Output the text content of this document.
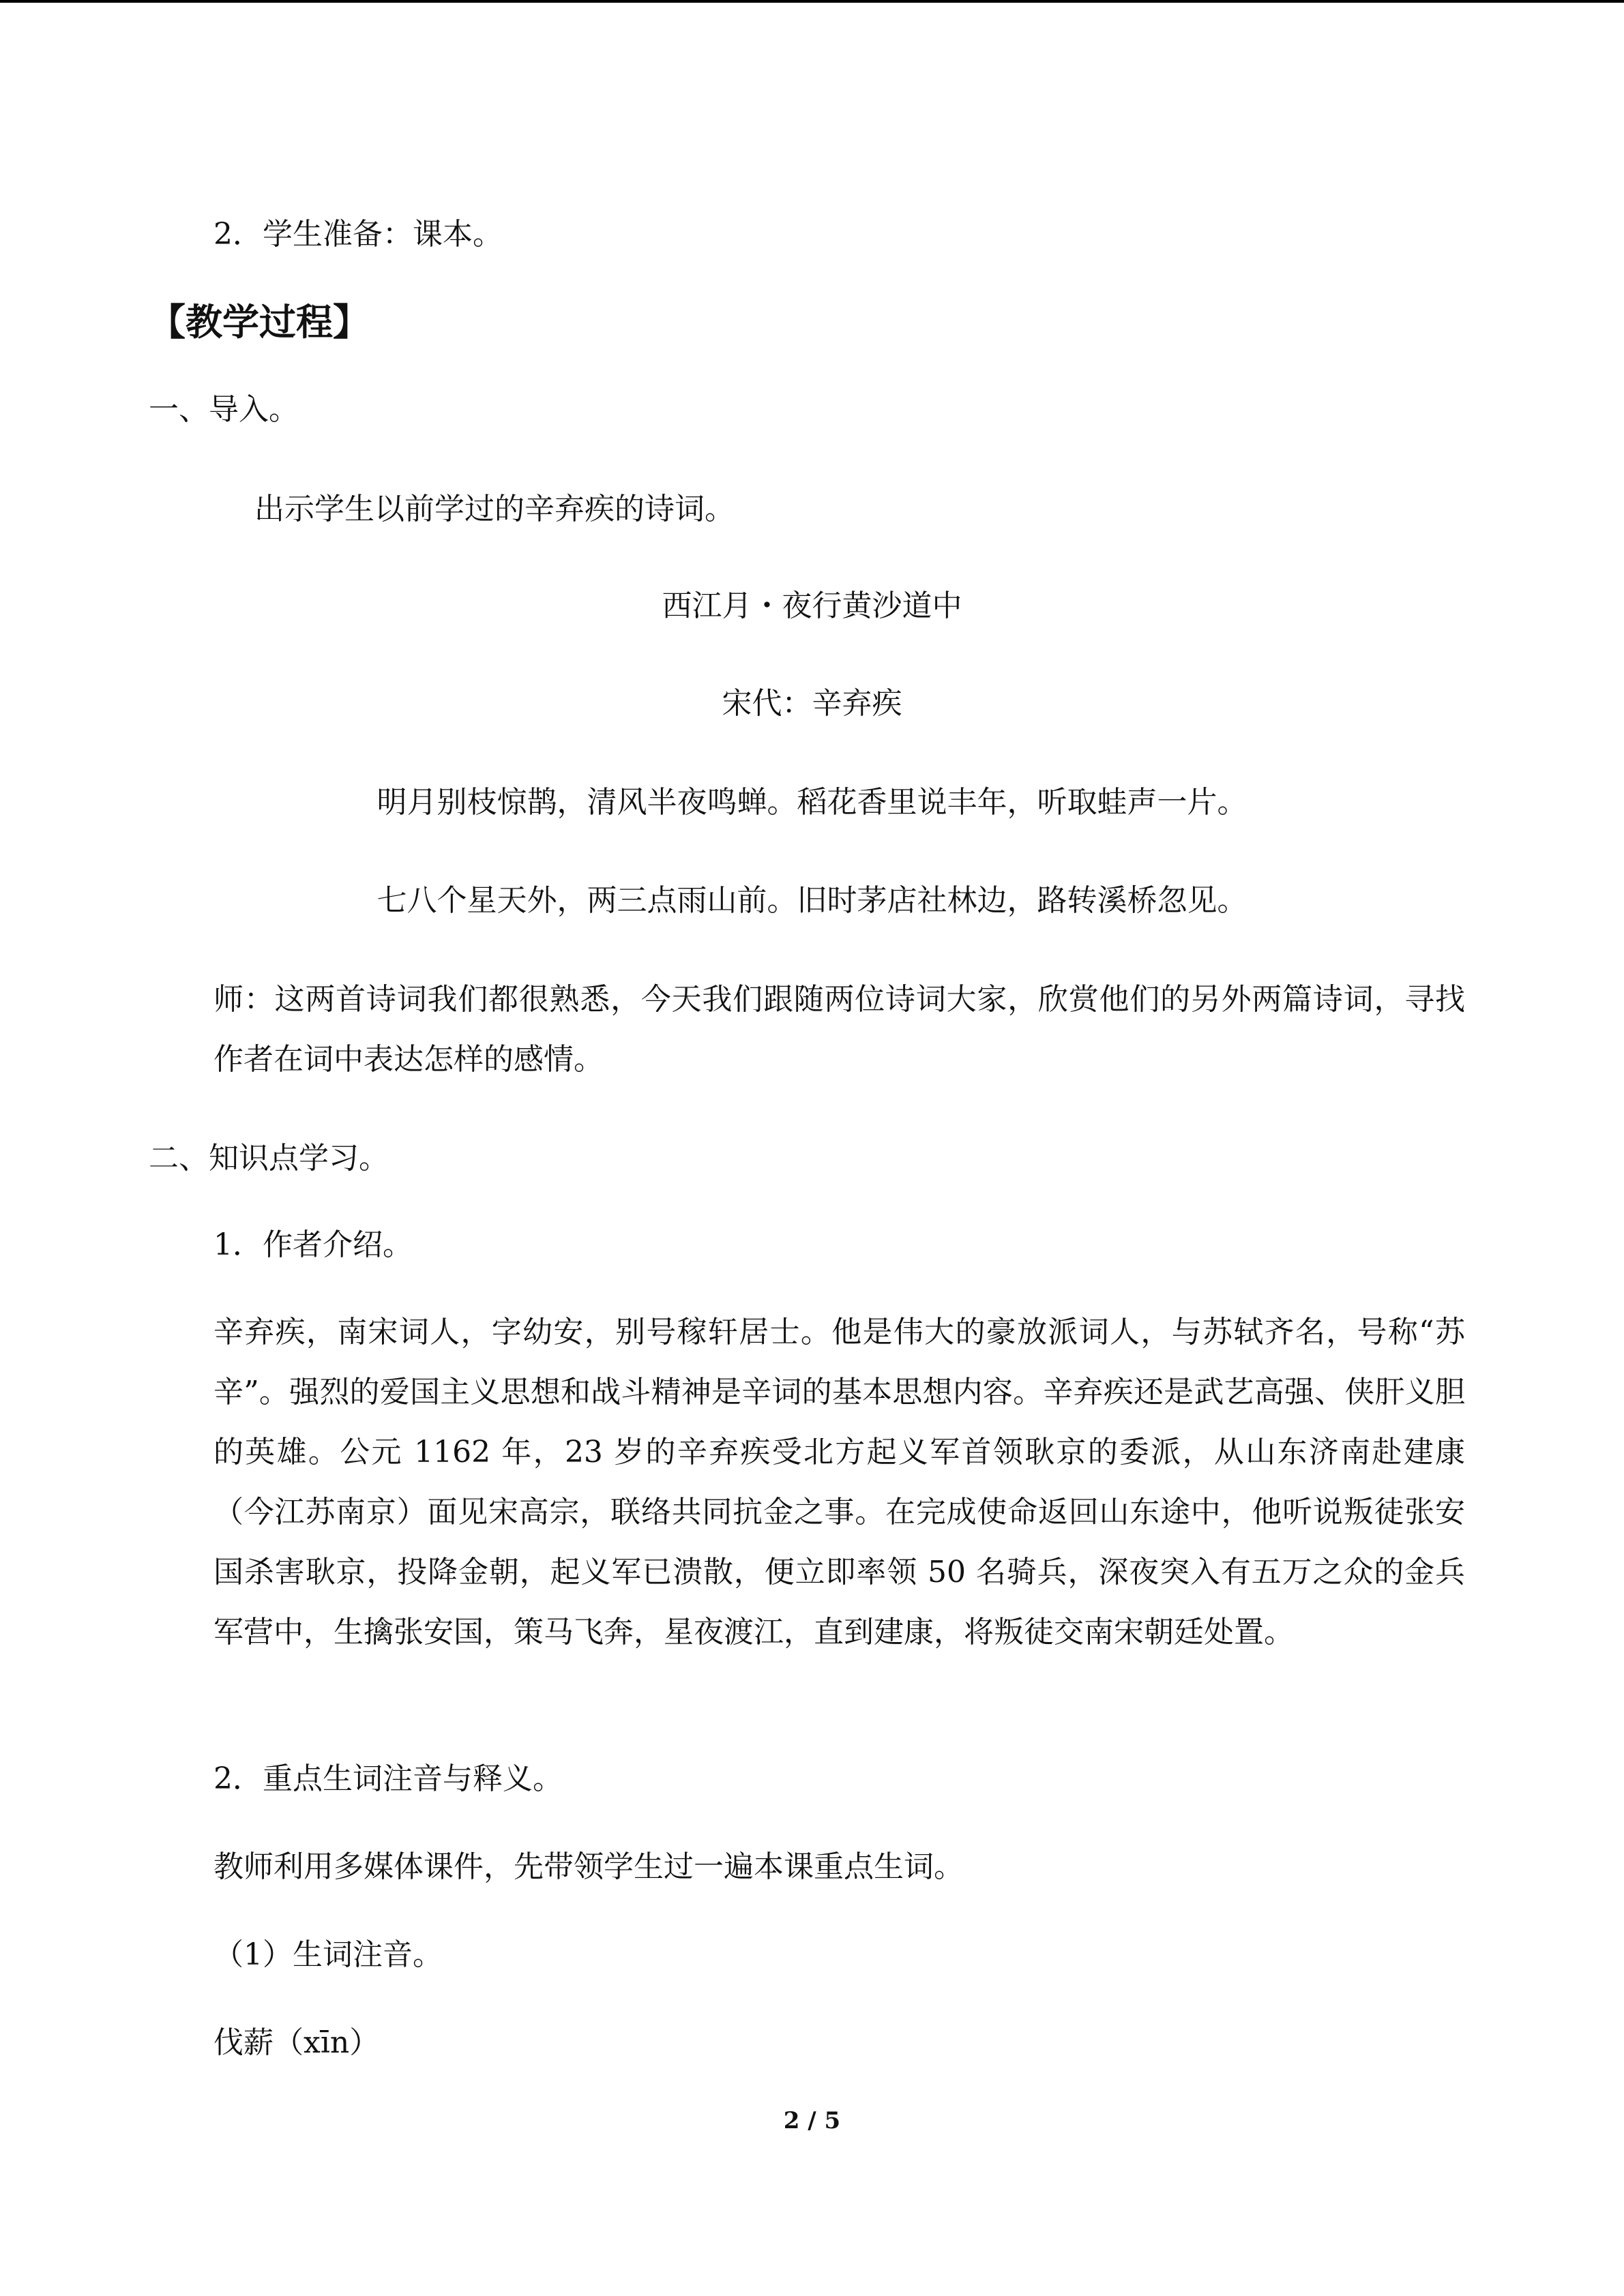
2．学生准备：课本。
【教学过程】
一、导入。
出示学生以前学过的辛弃疾的诗词。
西江月・夜行黄沙道中
宋代：辛弃疾
明月别枝惊鹊，清风半夜鸣蝉。稻花香里说丰年，听取蛙声一片。
七八个星天外，两三点雨山前。旧时茅店社林边，路转溪桥忽见。
师：这两首诗词我们都很熟悉，今天我们跟随两位诗词大家，欣赏他们的另外两篇诗词，寻找作者在词中表达怎样的感情。
二、知识点学习。
1．作者介绍。
辛弃疾，南宋词人，字幼安，别号稼轩居士。他是伟大的豪放派词人，与苏轼齐名，号称“苏辛”。强烈的爱国主义思想和战斗精神是辛词的基本思想内容。辛弃疾还是武艺高强、侠肝义胆的英雄。公元 1162 年，23 岁的辛弃疾受北方起义军首领耿京的委派，从山东济南赴建康（今江苏南京）面见宋高宗，联络共同抗金之事。在完成使命返回山东途中，他听说叛徒张安国杀害耿京，投降金朝，起义军已溃散，便立即率领 50 名骑兵，深夜突入有五万之众的金兵军营中，生擒张安国，策马飞奔，星夜渡江，直到建康，将叛徒交南宋朝廷处置。
2．重点生词注音与释义。
教师利用多媒体课件，先带领学生过一遍本课重点生词。
（1）生词注音。
伐薪（xīn）
2 / 5
